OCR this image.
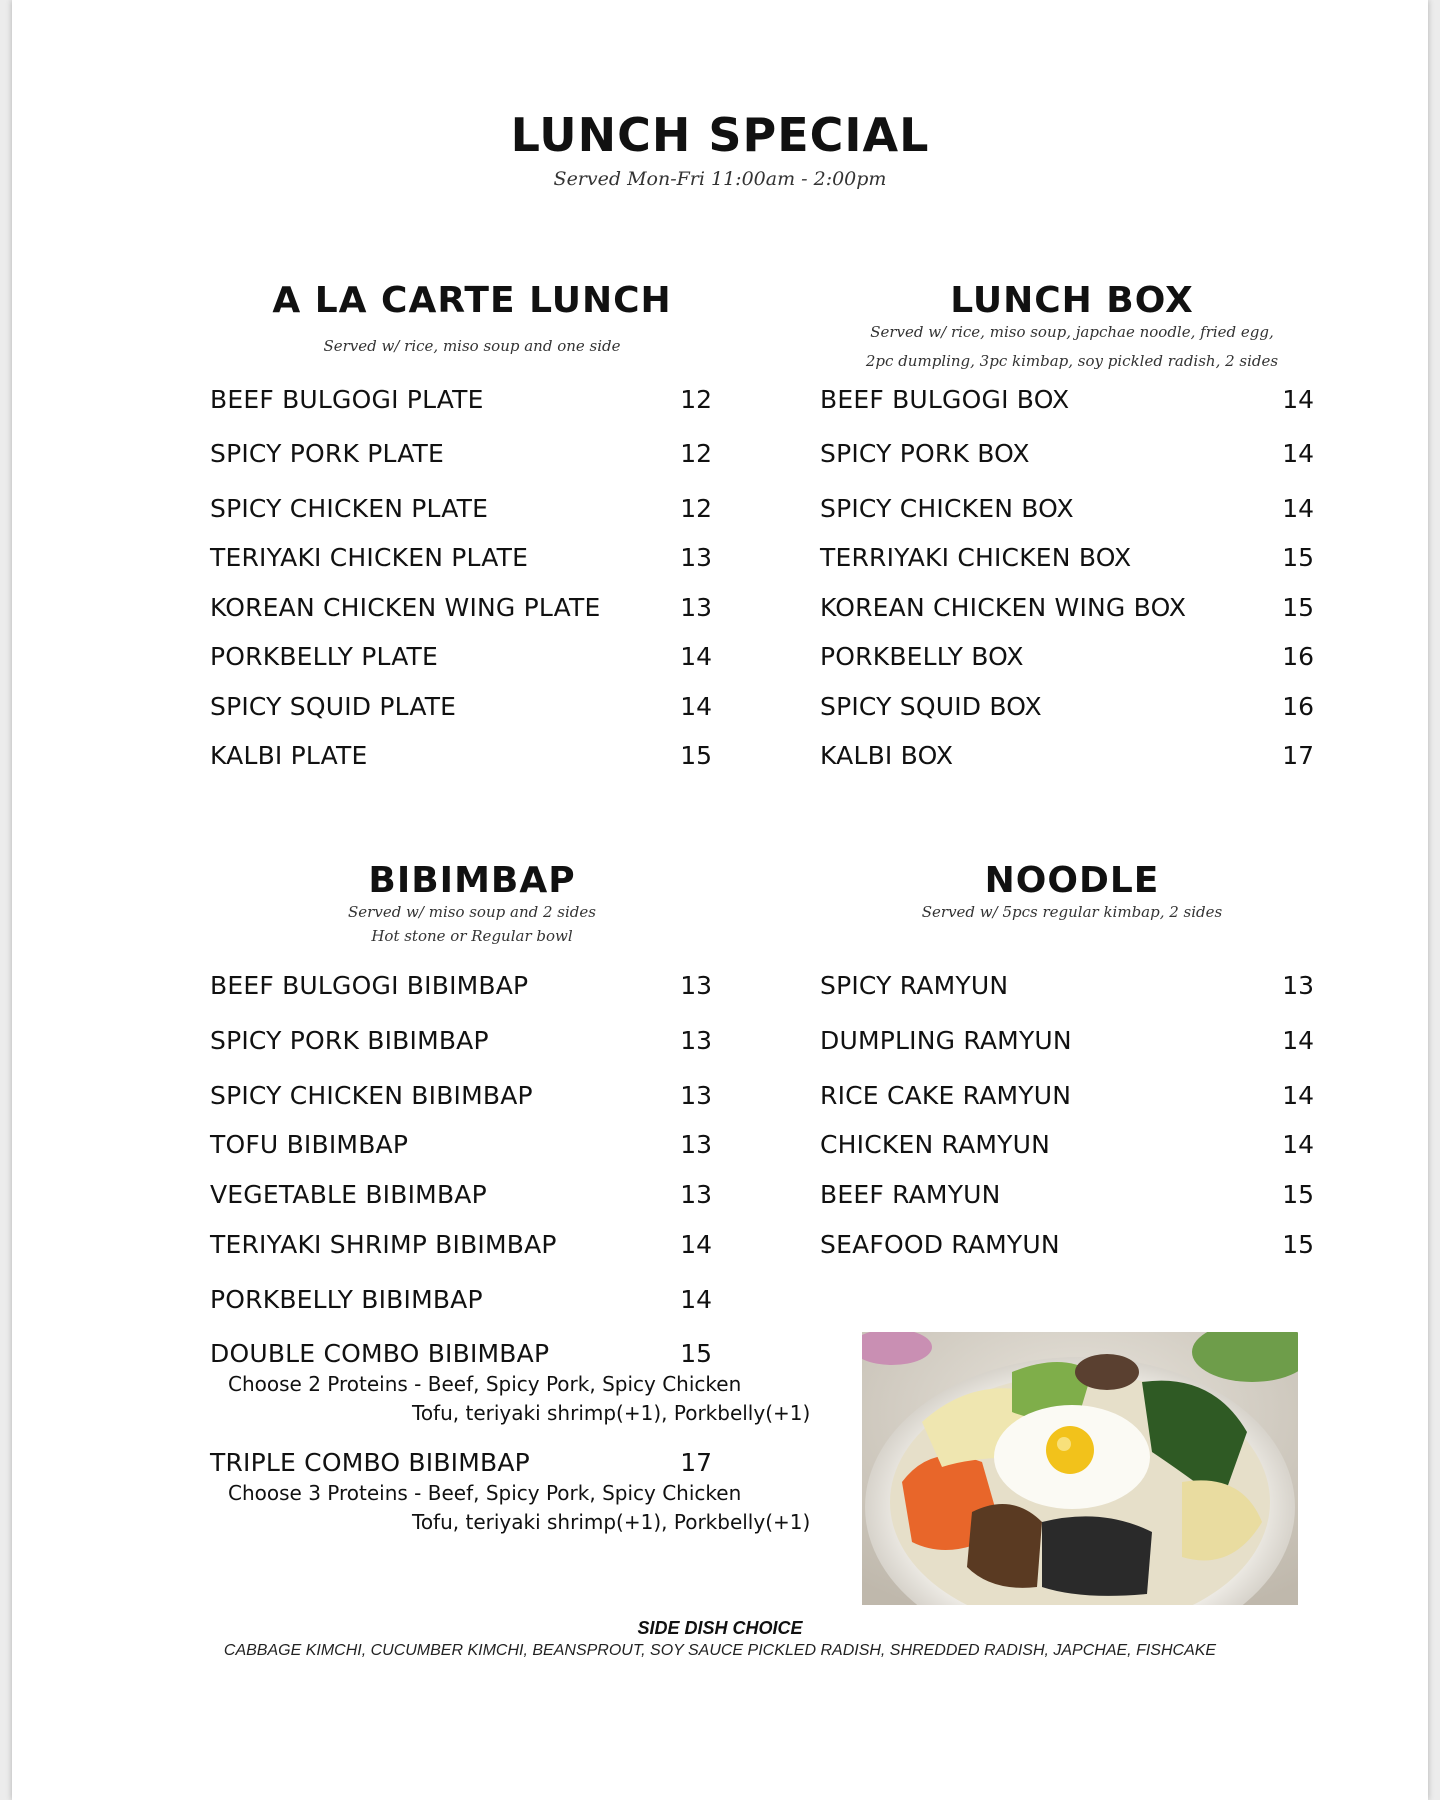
LUNCH SPECIAL
Served Mon-Fri 11:00am - 2:00pm
A LA CARTE LUNCH
Served w/ rice, miso soup and one side
LUNCH BOX
Served w/ rice, miso soup, japchae noodle, fried egg,
2pc dumpling, 3pc kimbap, soy pickled radish, 2 sides
BEEF BULGOGI PLATE	12
SPICY PORK PLATE	12
SPICY CHICKEN PLATE	12
TERIYAKI CHICKEN PLATE	13
KOREAN CHICKEN WING PLATE	13
PORKBELLY PLATE	14
SPICY SQUID PLATE	14
KALBI PLATE	15
BEEF BULGOGI BOX	14
SPICY PORK BOX	14
SPICY CHICKEN BOX	14
TERRIYAKI CHICKEN BOX	15
KOREAN CHICKEN WING BOX	15
PORKBELLY BOX	16
SPICY SQUID BOX	16
KALBI BOX	17
BIBIMBAP
Served w/ miso soup and 2 sides
Hot stone or Regular bowl
NOODLE
Served w/ 5pcs regular kimbap, 2 sides
BEEF BULGOGI BIBIMBAP	13
SPICY PORK BIBIMBAP	13
SPICY CHICKEN BIBIMBAP	13
TOFU BIBIMBAP	13
VEGETABLE BIBIMBAP	13
TERIYAKI SHRIMP BIBIMBAP	14
PORKBELLY BIBIMBAP	14
DOUBLE COMBO BIBIMBAP	15
Choose 2 Proteins - Beef, Spicy Pork, Spicy Chicken
Tofu, teriyaki shrimp(+1), Porkbelly(+1)
TRIPLE COMBO BIBIMBAP	17
Choose 3 Proteins - Beef, Spicy Pork, Spicy Chicken
Tofu, teriyaki shrimp(+1), Porkbelly(+1)
SPICY RAMYUN	13
DUMPLING RAMYUN	14
RICE CAKE RAMYUN	14
CHICKEN RAMYUN	14
BEEF RAMYUN	15
SEAFOOD RAMYUN	15
SIDE DISH CHOICE
CABBAGE KIMCHI, CUCUMBER KIMCHI, BEANSPROUT, SOY SAUCE PICKLED RADISH, SHREDDED RADISH, JAPCHAE, FISHCAKE
